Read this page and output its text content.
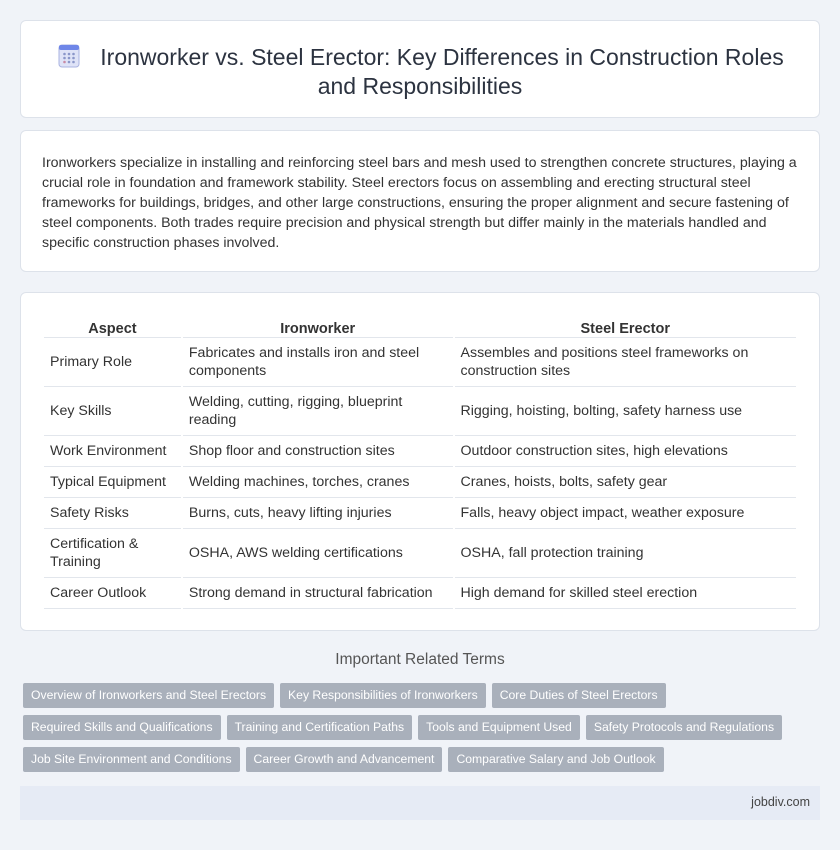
Ironworker vs. Steel Erector: Key Differences in Construction Roles and Responsibilities

Ironworkers specialize in installing and reinforcing steel bars and mesh used to strengthen concrete structures, playing a crucial role in foundation and framework stability. Steel erectors focus on assembling and erecting structural steel frameworks for buildings, bridges, and other large constructions, ensuring the proper alignment and secure fastening of steel components. Both trades require precision and physical strength but differ mainly in the materials handled and specific construction phases involved.

Aspect	Ironworker	Steel Erector
Primary Role	Fabricates and installs iron and steel components	Assembles and positions steel frameworks on construction sites
Key Skills	Welding, cutting, rigging, blueprint reading	Rigging, hoisting, bolting, safety harness use
Work Environment	Shop floor and construction sites	Outdoor construction sites, high elevations
Typical Equipment	Welding machines, torches, cranes	Cranes, hoists, bolts, safety gear
Safety Risks	Burns, cuts, heavy lifting injuries	Falls, heavy object impact, weather exposure
Certification & Training	OSHA, AWS welding certifications	OSHA, fall protection training
Career Outlook	Strong demand in structural fabrication	High demand for skilled steel erection
Important Related Terms
Overview of Ironworkers and Steel Erectors Key Responsibilities of Ironworkers Core Duties of Steel Erectors
Required Skills and Qualifications Training and Certification Paths Tools and Equipment Used Safety Protocols and Regulations
Job Site Environment and Conditions Career Growth and Advancement Comparative Salary and Job Outlook
jobdiv.com
